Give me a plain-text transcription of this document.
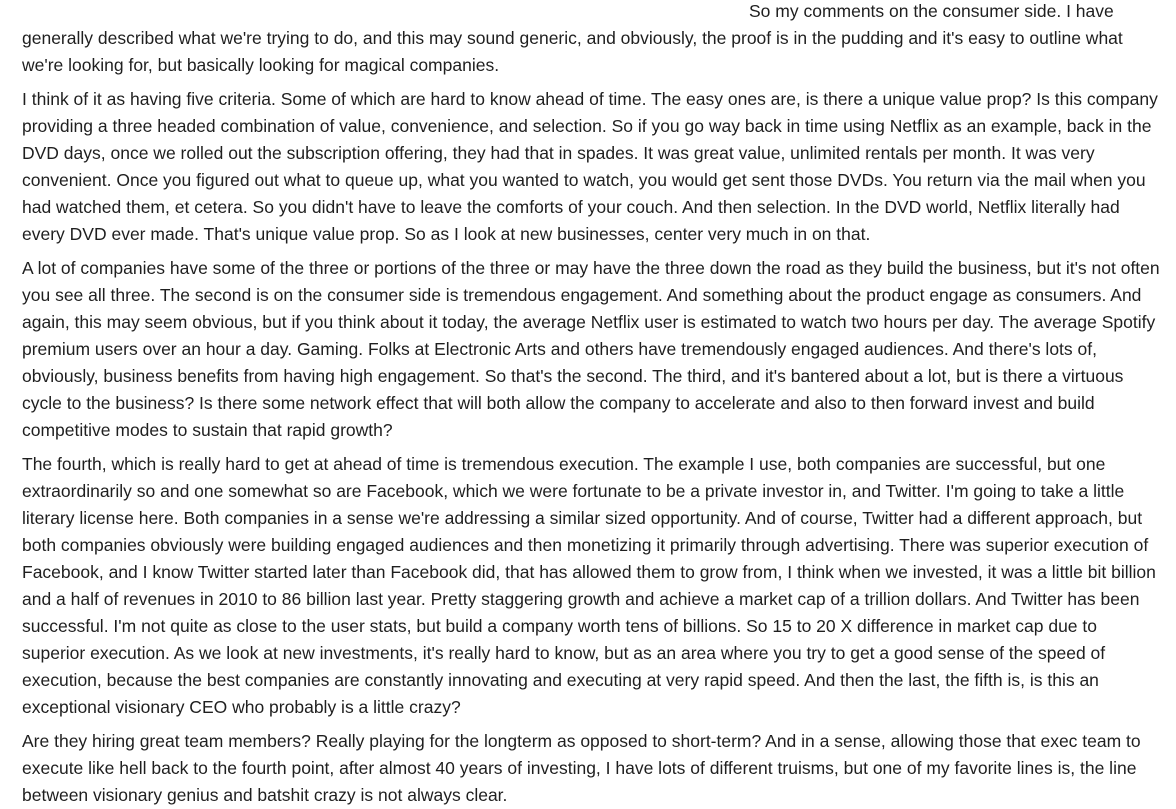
So my comments on the consumer side. I have generally described what we're trying to do, and this may sound generic, and obviously, the proof is in the pudding and it's easy to outline what we're looking for, but basically looking for magical companies.

I think of it as having five criteria. Some of which are hard to know ahead of time. The easy ones are, is there a unique value prop? Is this company providing a three headed combination of value, convenience, and selection. So if you go way back in time using Netflix as an example, back in the DVD days, once we rolled out the subscription offering, they had that in spades. It was great value, unlimited rentals per month. It was very convenient. Once you figured out what to queue up, what you wanted to watch, you would get sent those DVDs. You return via the mail when you had watched them, et cetera. So you didn't have to leave the comforts of your couch. And then selection. In the DVD world, Netflix literally had every DVD ever made. That's unique value prop. So as I look at new businesses, center very much in on that.

A lot of companies have some of the three or portions of the three or may have the three down the road as they build the business, but it's not often you see all three. The second is on the consumer side is tremendous engagement. And something about the product engage as consumers. And again, this may seem obvious, but if you think about it today, the average Netflix user is estimated to watch two hours per day. The average Spotify premium users over an hour a day. Gaming. Folks at Electronic Arts and others have tremendously engaged audiences. And there's lots of, obviously, business benefits from having high engagement. So that's the second. The third, and it's bantered about a lot, but is there a virtuous cycle to the business? Is there some network effect that will both allow the company to accelerate and also to then forward invest and build competitive modes to sustain that rapid growth?

The fourth, which is really hard to get at ahead of time is tremendous execution. The example I use, both companies are successful, but one extraordinarily so and one somewhat so are Facebook, which we were fortunate to be a private investor in, and Twitter. I'm going to take a little literary license here. Both companies in a sense we're addressing a similar sized opportunity. And of course, Twitter had a different approach, but both companies obviously were building engaged audiences and then monetizing it primarily through advertising. There was superior execution of Facebook, and I know Twitter started later than Facebook did, that has allowed them to grow from, I think when we invested, it was a little bit billion and a half of revenues in 2010 to 86 billion last year. Pretty staggering growth and achieve a market cap of a trillion dollars. And Twitter has been successful. I'm not quite as close to the user stats, but build a company worth tens of billions. So 15 to 20 X difference in market cap due to superior execution. As we look at new investments, it's really hard to know, but as an area where you try to get a good sense of the speed of execution, because the best companies are constantly innovating and executing at very rapid speed. And then the last, the fifth is, is this an exceptional visionary CEO who probably is a little crazy?

Are they hiring great team members? Really playing for the longterm as opposed to short-term? And in a sense, allowing those that exec team to execute like hell back to the fourth point, after almost 40 years of investing, I have lots of different truisms, but one of my favorite lines is, the line between visionary genius and batshit crazy is not always clear.
